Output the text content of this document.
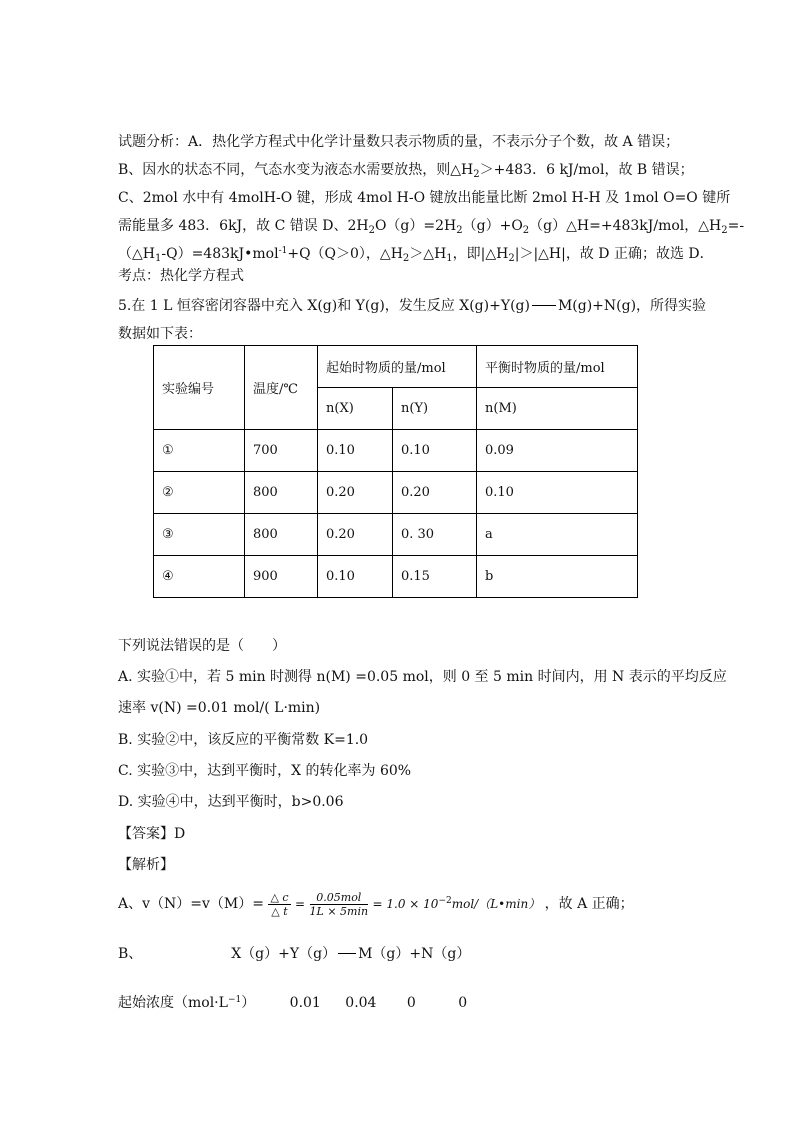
试题分析：A．热化学方程式中化学计量数只表示物质的量，不表示分子个数，故 A 错误；
B、因水的状态不同，气态水变为液态水需要放热，则$\triangle H_2>+483$．6 kJ/mol，故 B 错误；
C、2mol 水中有 4molH-O 键，形成 4mol H-O 键放出能量比断 2mol H-H 及 1mol O=O 键所
需能量多 483．6kJ，故 C 错误 D、$2H_2O(g)=2H_2(g)+O_2(g)\triangle H=+483kJ$/mol，$\triangle H_2=-$
$(\triangle H_1-Q)=483kJ•mol^{-1}+Q(Q>0)$，$\triangle H_2>\triangle H_1$，即$|\triangle H_2|>|\triangle H|$，故 D 正确；故选 D．
考点：热化学方程式
5.在 1 L 恒容密闭容器中充入 X(g)和 Y(g)，发生反应 X(g)+Y(g) M(g)+N(g)，所得实验
数据如下表：
实验编号	温度/℃	起始时物质的量/mol		平衡时物质的量/mol
		n(X)	n(Y)	n(M)
①	700	0.10	0.10	0.09
②	800	0.20	0.20	0.10
③	800	0.20	0. 30	a
④	900	0.10	0.15	b
下列说法错误的是（　　）
A. 实验①中，若 5 min 时测得 n(M) =0.05 mol，则 0 至 5 min 时间内，用 N 表示的平均反应
速率 v(N) =0.01 mol/( L·min)
B. 实验②中，该反应的平衡常数 K=1.0
C. 实验③中，达到平衡时，X 的转化率为 60%
D. 实验④中，达到平衡时，b>0.06
【答案】D
【解析】
A、$v(N)=v(M)= \frac{\triangle c}{\triangle t} = \frac{\text{0.05mol}}{1L \times 5\min} = 1.0$ × $10^{-2}mol/(L•\min)$ ，故 A 正确；
B、	X（g）+Y（g） M（g）+N（g）
起始浓度$(mol\cdot L^{-1})$ 0.01 0.04 0	0
